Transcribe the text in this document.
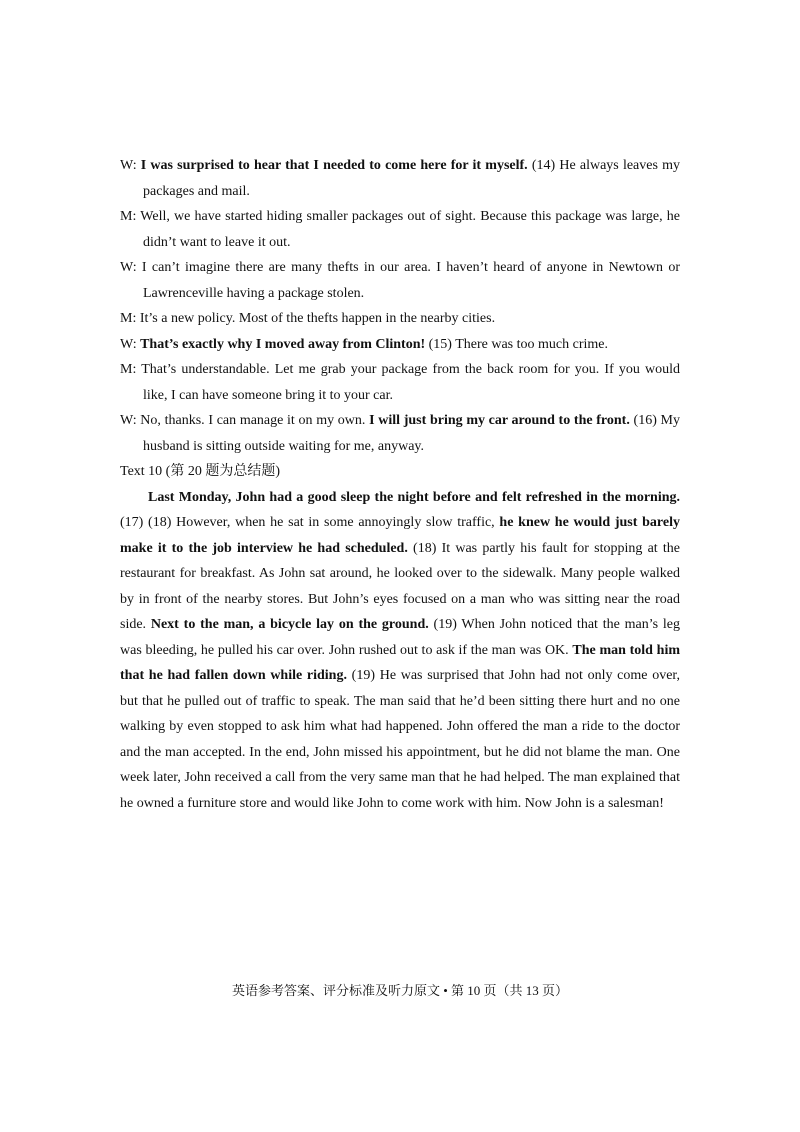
W: I was surprised to hear that I needed to come here for it myself. (14) He always leaves my packages and mail.

M: Well, we have started hiding smaller packages out of sight. Because this package was large, he didn’t want to leave it out.

W: I can’t imagine there are many thefts in our area. I haven’t heard of anyone in Newtown or Lawrenceville having a package stolen.

M: It’s a new policy. Most of the thefts happen in the nearby cities.

W: That’s exactly why I moved away from Clinton! (15) There was too much crime.

M: That’s understandable. Let me grab your package from the back room for you. If you would like, I can have someone bring it to your car.

W: No, thanks. I can manage it on my own. I will just bring my car around to the front. (16) My husband is sitting outside waiting for me, anyway.

Text 10 (第 20 题为总结题)

Last Monday, John had a good sleep the night before and felt refreshed in the morning. (17) (18) However, when he sat in some annoyingly slow traffic, he knew he would just barely make it to the job interview he had scheduled. (18) It was partly his fault for stopping at the restaurant for breakfast. As John sat around, he looked over to the sidewalk. Many people walked by in front of the nearby stores. But John’s eyes focused on a man who was sitting near the road side. Next to the man, a bicycle lay on the ground. (19) When John noticed that the man’s leg was bleeding, he pulled his car over. John rushed out to ask if the man was OK. The man told him that he had fallen down while riding. (19) He was surprised that John had not only come over, but that he pulled out of traffic to speak. The man said that he’d been sitting there hurt and no one walking by even stopped to ask him what had happened. John offered the man a ride to the doctor and the man accepted. In the end, John missed his appointment, but he did not blame the man. One week later, John received a call from the very same man that he had helped. The man explained that he owned a furniture store and would like John to come work with him. Now John is a salesman!

英语参考答案、评分标准及听力原文 • 第 10 页（共 13 页）
